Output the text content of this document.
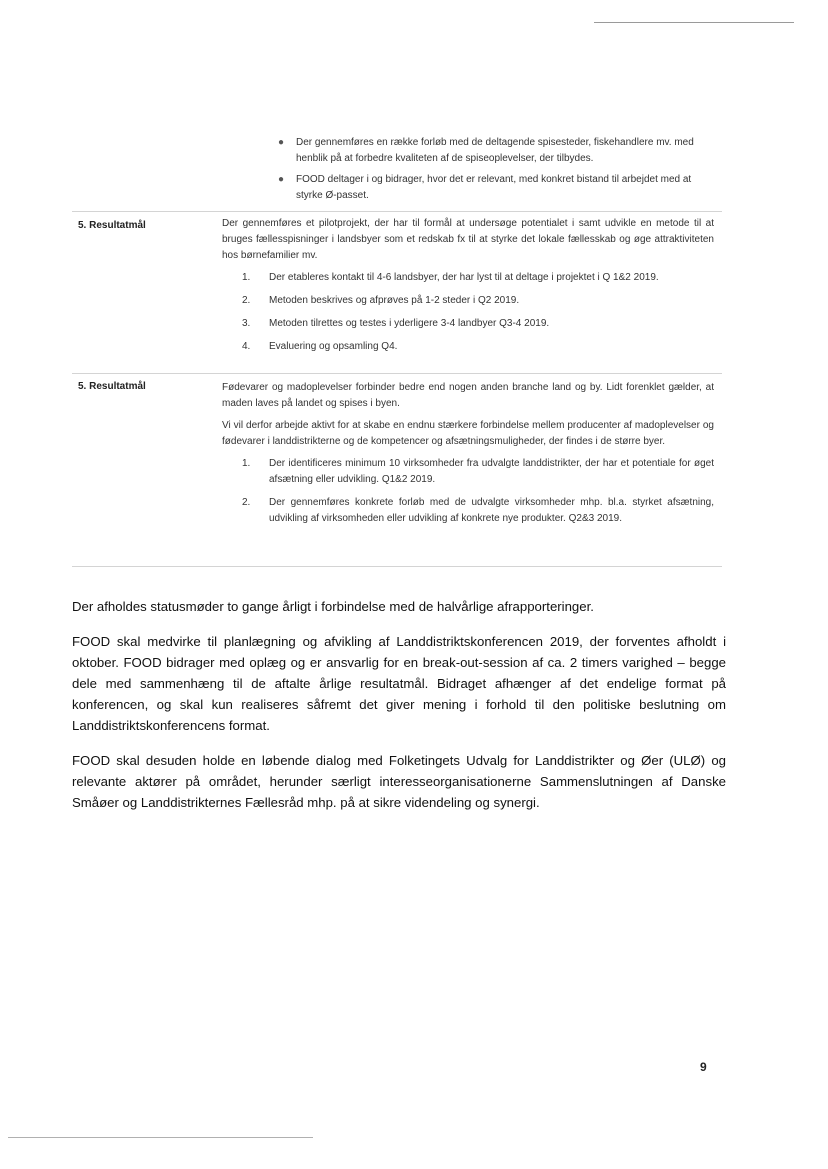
● Der gennemføres en række forløb med de deltagende spisesteder, fiskehandlere mv. med henblik på at forbedre kvaliteten af de spiseoplevelser, der tilbydes.
● FOOD deltager i og bidrager, hvor det er relevant, med konkret bistand til arbejdet med at styrke Ø-passet.
5. Resultatmål	Der gennemføres et pilotprojekt, der har til formål at undersøge potentialet i samt udvikle en metode til at bruges fællesspisninger i landsbyer som et redskab fx til at styrke det lokale fællesskab og øge attraktiviteten hos børnefamilier mv.

1. Der etableres kontakt til 4-6 landsbyer, der har lyst til at deltage i projektet i Q 1&2 2019.
2. Metoden beskrives og afprøves på 1-2 steder i Q2 2019.
3. Metoden tilrettes og testes i yderligere 3-4 landbyer Q3-4 2019.
4. Evaluering og opsamling Q4.
5. Resultatmål	Fødevarer og madoplevelser forbinder bedre end nogen anden branche land og by. Lidt forenklet gælder, at maden laves på landet og spises i byen.

Vi vil derfor arbejde aktivt for at skabe en endnu stærkere forbindelse mellem producenter af madoplevelser og fødevarer i landdistrikterne og de kompetencer og afsætningsmuligheder, der findes i de større byer.

1. Der identificeres minimum 10 virksomheder fra udvalgte landdistrikter, der har et potentiale for øget afsætning eller udvikling. Q1&2 2019.
2. Der gennemføres konkrete forløb med de udvalgte virksomheder mhp. bl.a. styrket afsætning, udvikling af virksomheden eller udvikling af konkrete nye produkter. Q2&3 2019.

Der afholdes statusmøder to gange årligt i forbindelse med de halvårlige afrapporteringer.

FOOD skal medvirke til planlægning og afvikling af Landdistriktskonferencen 2019, der forventes afholdt i oktober. FOOD bidrager med oplæg og er ansvarlig for en break-out-session af ca. 2 timers varighed – begge dele med sammenhæng til de aftalte årlige resultatmål. Bidraget afhænger af det endelige format på konferencen, og skal kun realiseres såfremt det giver mening i forhold til den politiske beslutning om Landdistriktskonferencens format.

FOOD skal desuden holde en løbende dialog med Folketingets Udvalg for Landdistrikter og Øer (ULØ) og relevante aktører på området, herunder særligt interesseorganisationerne Sammenslutningen af Danske Småøer og Landdistrikternes Fællesråd mhp. på at sikre videndeling og synergi.

9
